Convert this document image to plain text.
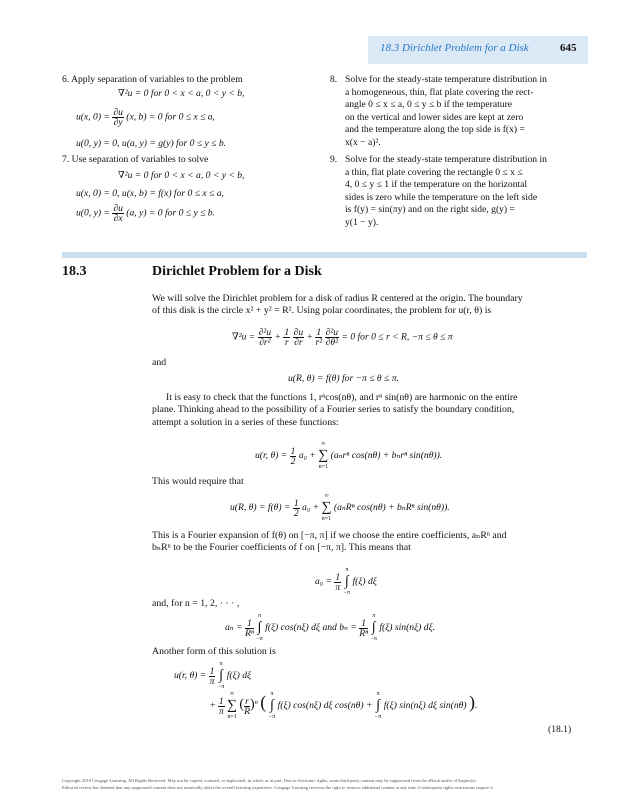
18.3 Dirichlet Problem for a Disk	645
6. Apply separation of variables to the problem
∇²u = 0 for 0 < x < a, 0 < y < b,
u(x, $0) = \frac{\partial u}{\partial y} (x$, b) = 0 for 0 ≤ x ≤ a,
u(0, y) = 0, u(a, y) = g(y) for 0 ≤ y ≤ b.
7. Use separation of variables to solve
∇²u = 0 for 0 < x < a, 0 < y < b,
u(x, 0) = 0, u(x, b) = f(x) for 0 ≤ x ≤ a,
u(0, $y) = \frac{\partial u}{\partial x} (a$, y) = 0 for 0 ≤ y ≤ b.
8. Solve for the steady-state temperature distribution in
a homogeneous, thin, flat plate covering the rect-
angle 0 ≤ x ≤ a, 0 ≤ y ≤ b if the temperature
on the vertical and lower sides are kept at zero
and the temperature along the top side is f(x) =
x(x − a)².
9. Solve for the steady-state temperature distribution in
a thin, flat plate covering the rectangle 0 ≤ x ≤
4, 0 ≤ y ≤ 1 if the temperature on the horizontal
sides is zero while the temperature on the left side
is f(y) = sin(πy) and on the right side, g(y) =
y(1 − y).
18.3	Dirichlet Problem for a Disk
We will solve the Dirichlet problem for a disk of radius R centered at the origin. The boundary
of this disk is the circle x² + y² = R². Using polar coordinates, the problem for u(r, θ) is
$\nabla^2u = \frac{\text{∂²u}}{\text{∂r²}} + \frac{1}{r}$
$\frac{\partial u}{\partial r} + \frac{1}{\text{r²}}$
$\frac{\text{∂²u}}{\text{∂θ²}} = 0$ for 0 ≤ r < R, −π ≤ θ ≤ π
and
u(R, θ) = f(θ) for −π ≤ θ ≤ π.
It is easy to check that the functions 1, rⁿcos(nθ), and rⁿ sin(nθ) are harmonic on the entire
plane. Thinking ahead to the possibility of a Fourier series to satisfy the boundary condition,
attempt a solution in a series of these functions:
u(r, $\theta) = \frac{1}{2} a_0$ +
∞
∑
n=1
(aₙrⁿ cos(nθ) + bₙrⁿ sin(nθ)).
This would require that
u(R, $\theta) = f(\theta) = \frac{1}{2} a_0$ +
∞
∑
n=1
(aₙRⁿ cos(nθ) + bₙRⁿ sin(nθ)).
This is a Fourier expansion of f(θ) on [−π, π] if we choose the entire coefficients, aₙRⁿ and
bₙRⁿ to be the Fourier coefficients of f on [−π, π]. This means that
$a_0 = \frac{1}{\pi}$

π
∫
−π
f(ξ) dξ
and, for n = 1, 2, · · · ,
$a_n = \frac{1}{\text{Rⁿ}}$

π
∫
−π
f(ξ) cos(nξ) dξ and $b_n = \frac{1}{\text{Rⁿ}}$

π
∫
−π
f(ξ) sin(nξ) dξ.
Another form of this solution is
u(r, $\theta) = \frac{1}{\pi}$

π
∫
−π
f(ξ) dξ
+ $\frac{1}{\pi}$

∞
∑
n=1
( $\frac{r}{R} )^n$ ( π
∫
−π
f(ξ) cos(nξ) dξ cos(nθ) +
π
∫
−π
f(ξ) sin(nξ) dξ sin(nθ) ).
(18.1)
Copyright 2010 Cengage Learning. All Rights Reserved. May not be copied, scanned, or duplicated, in whole or in part. Due to electronic rights, some third party content may be suppressed from the eBook and/or eChapter(s).
Editorial review has deemed that any suppressed content does not materially affect the overall learning experience. Cengage Learning reserves the right to remove additional content at any time if subsequent rights restrictions require it.
